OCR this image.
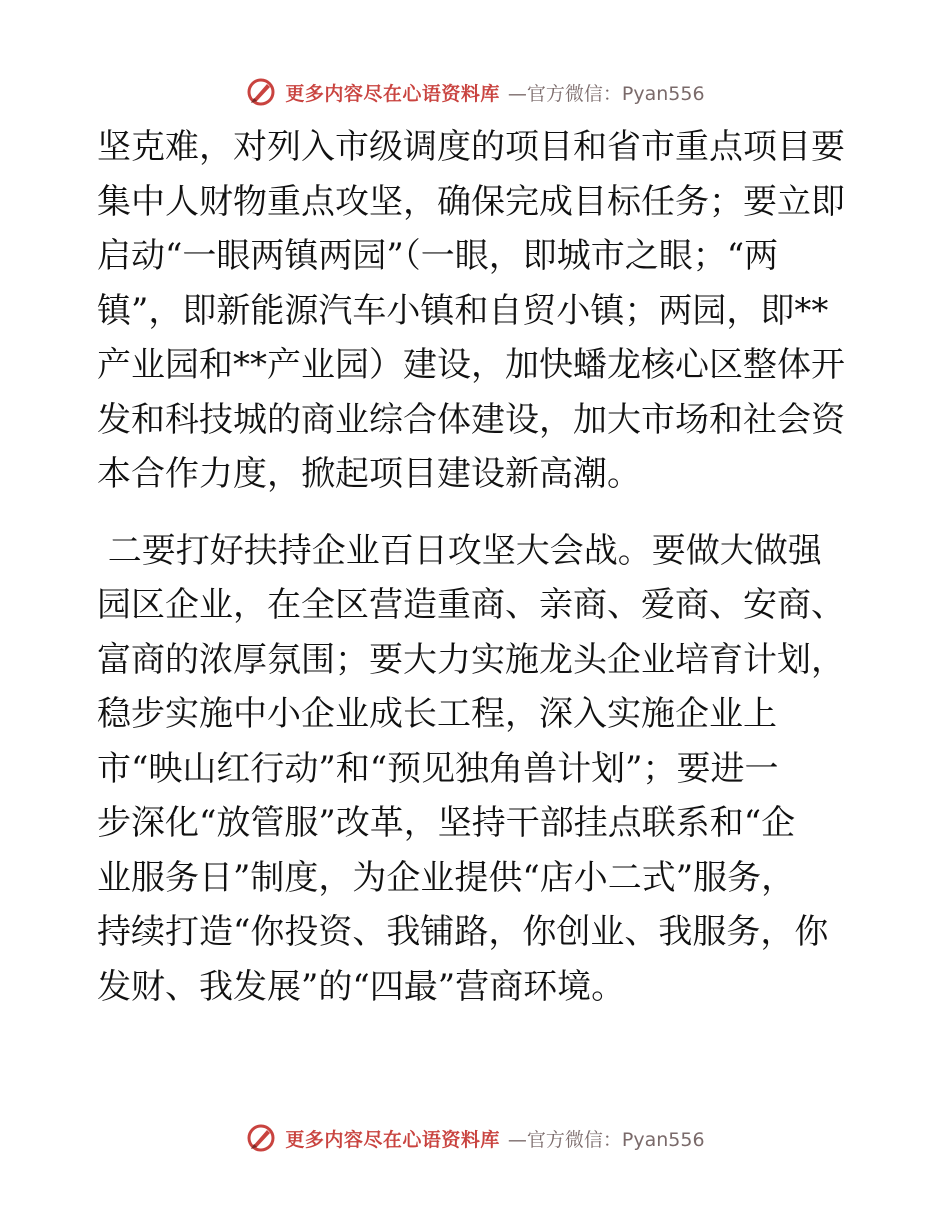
更多内容尽在心语资料库 —官方微信：Pyan556
坚克难，对列入市级调度的项目和省市重点项目要
集中人财物重点攻坚，确保完成目标任务；要立即
启动“一眼两镇两园”（一眼，即城市之眼；“两
镇”，即新能源汽车小镇和自贸小镇；两园，即**
产业园和**产业园）建设，加快蟠龙核心区整体开
发和科技城的商业综合体建设，加大市场和社会资
本合作力度，掀起项目建设新高潮。
二要打好扶持企业百日攻坚大会战。要做大做强
园区企业，在全区营造重商、亲商、爱商、安商、
富商的浓厚氛围；要大力实施龙头企业培育计划，
稳步实施中小企业成长工程，深入实施企业上
市“映山红行动”和“预见独角兽计划”；要进一
步深化“放管服”改革，坚持干部挂点联系和“企
业服务日”制度，为企业提供“店小二式”服务，
持续打造“你投资、我铺路，你创业、我服务，你
发财、我发展”的“四最”营商环境。
更多内容尽在心语资料库 —官方微信：Pyan556
